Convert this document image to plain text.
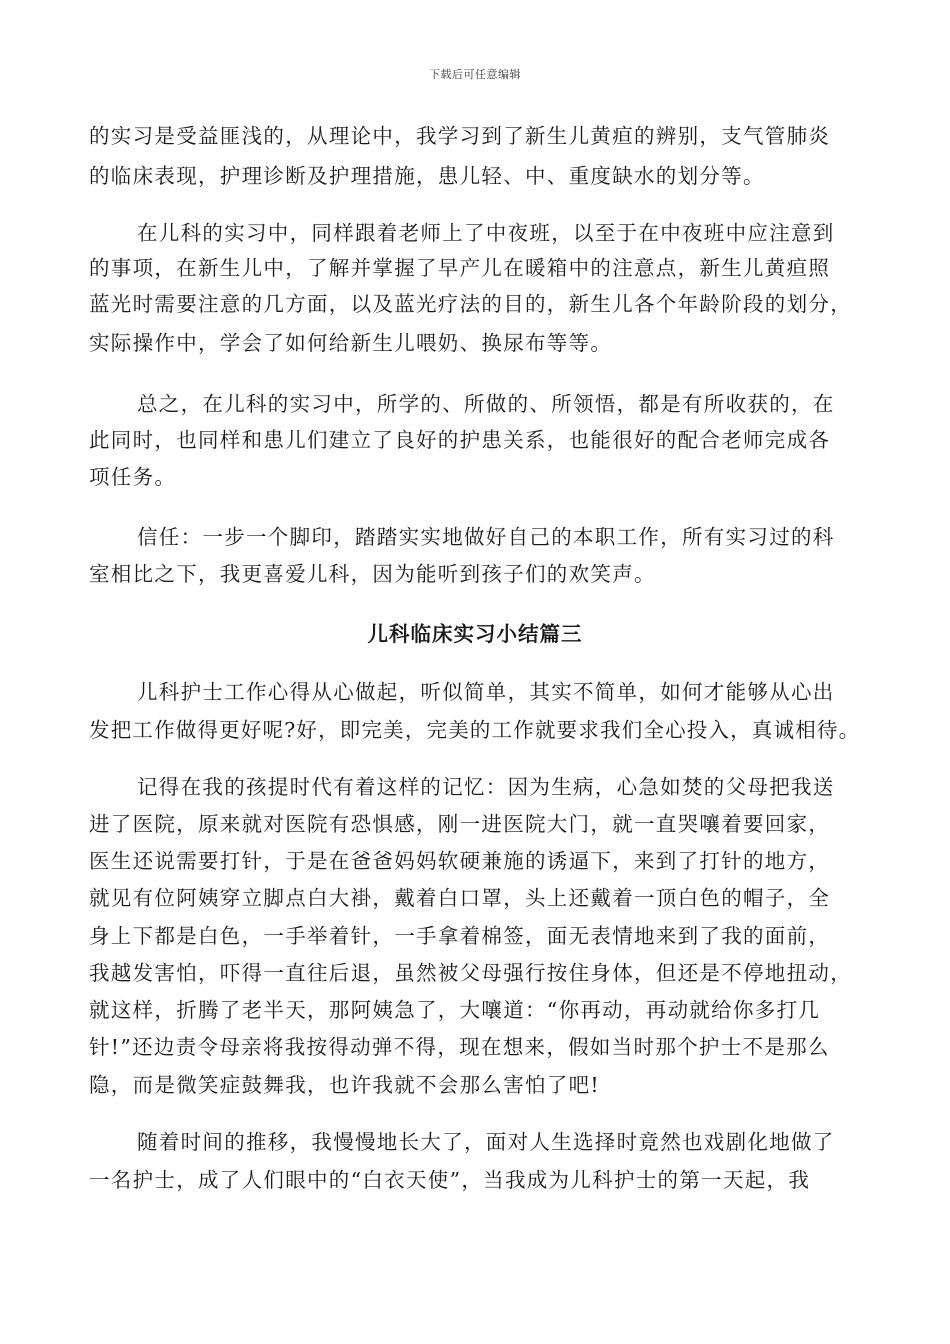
下载后可任意编辑
的实习是受益匪浅的，从理论中，我学习到了新生儿黄疸的辨别，支气管肺炎
的临床表现，护理诊断及护理措施，患儿轻、中、重度缺水的划分等。
在儿科的实习中，同样跟着老师上了中夜班，以至于在中夜班中应注意到
的事项，在新生儿中，了解并掌握了早产儿在暖箱中的注意点，新生儿黄疸照
蓝光时需要注意的几方面，以及蓝光疗法的目的，新生儿各个年龄阶段的划分，
实际操作中，学会了如何给新生儿喂奶、换尿布等等。
总之，在儿科的实习中，所学的、所做的、所领悟，都是有所收获的，在
此同时，也同样和患儿们建立了良好的护患关系，也能很好的配合老师完成各
项任务。
信任：一步一个脚印，踏踏实实地做好自己的本职工作，所有实习过的科
室相比之下，我更喜爱儿科，因为能听到孩子们的欢笑声。
儿科临床实习小结篇三
儿科护士工作心得从心做起，听似简单，其实不简单，如何才能够从心出
发把工作做得更好呢?好，即完美，完美的工作就要求我们全心投入，真诚相待。
记得在我的孩提时代有着这样的记忆：因为生病，心急如焚的父母把我送
进了医院，原来就对医院有恐惧感，刚一进医院大门，就一直哭嚷着要回家，
医生还说需要打针，于是在爸爸妈妈软硬兼施的诱逼下，来到了打针的地方，
就见有位阿姨穿立脚点白大褂，戴着白口罩，头上还戴着一顶白色的帽子，全
身上下都是白色，一手举着针，一手拿着棉签，面无表情地来到了我的面前，
我越发害怕，吓得一直往后退，虽然被父母强行按住身体，但还是不停地扭动，
就这样，折腾了老半天，那阿姨急了，大嚷道：“你再动，再动就给你多打几
针!”还边责令母亲将我按得动弹不得，现在想来，假如当时那个护士不是那么
隐，而是微笑症鼓舞我，也许我就不会那么害怕了吧!
随着时间的推移，我慢慢地长大了，面对人生选择时竟然也戏剧化地做了
一名护士，成了人们眼中的“白衣天使”，当我成为儿科护士的第一天起，我
